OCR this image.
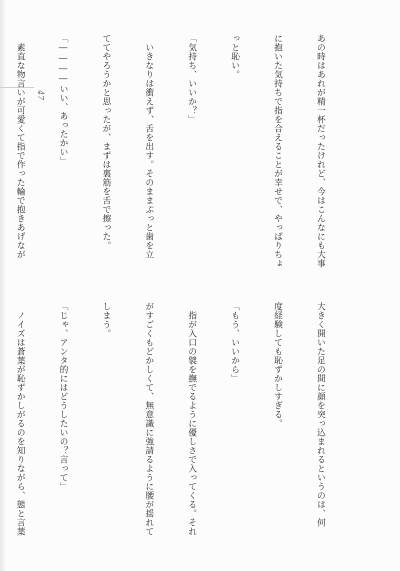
47

	あの時はあれが精一杯だったけれど、今はこんなにも大事

に抱いた気持ちで指を合えることが幸せで、やっぱりちょ

っと恥い。

「気持ち、いいか？」

　いきなりは衝えず、舌を出す。そのままぷっと歯を立

ててやろうかと思ったが、まずは裏筋を舌で擦った。

「――――いい、あったかい」

　素直な物言いが可愛くて指で作った輪で抱きあげなが

大きく開いた足の間に顔を突っ込まれるというのは、何

度経験しても恥ずかしすぎる。

「もう、いいから」

　指が入口の襞を撫でるように優しさで入ってくる。それ

がすごくもどかしくて、無意識に強請るように腰が揺れて

しまう。

「じゃ、アンタ的にはどうしたいの？言って」

　ノイズは蒼葉が恥ずかしがるのを知りながら、態と言葉
